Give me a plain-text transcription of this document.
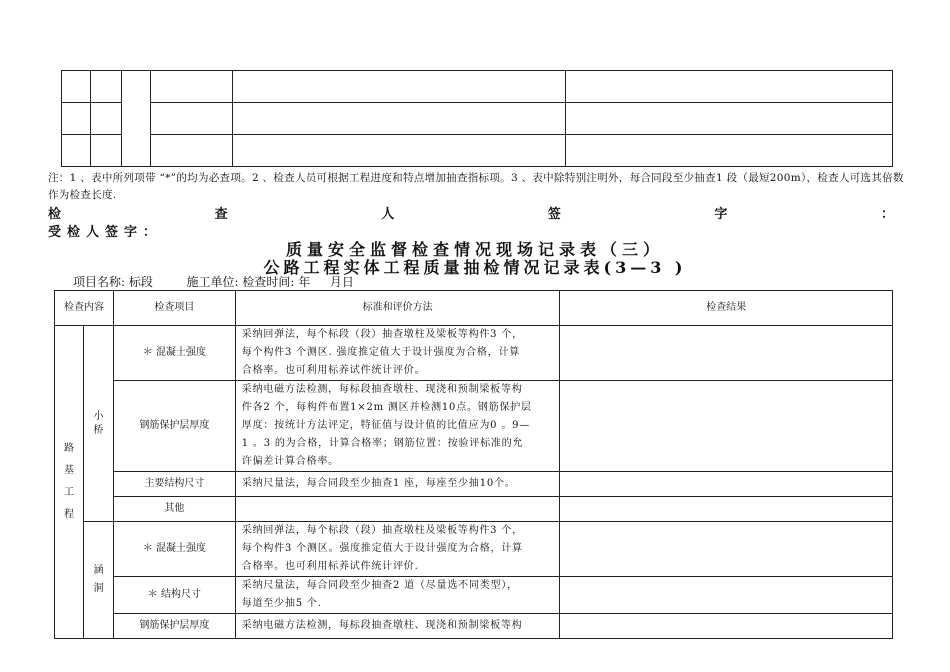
注：1 、表中所列项带 “*”的均为必查项。2 、检查人员可根据工程进度和特点增加抽查指标项。3 、表中除特别注明外，每合同段至少抽查1 段（最短200m），检查人可选其倍数作为检查长度.
检	查	人	签	字	：
受检人签字：
质量安全监督检查情况现场记录表（三）
公路工程实体工程质量抽检情况记录表(3—3 )
项目名称: 标段	施工单位: 检查时间: 年 月日
检查内容		检查项目	标准和评价方法	检查结果

路基工程	小桥	＊ 混凝土强度	采纳回弹法，每个标段（段）抽查墩柱及梁板等构件3 个，
每个构件3 个测区. 强度推定值大于设计强度为合格，计算
合格率。也可利用标养试件统计评价。	

		钢筋保护层厚度	采纳电磁方法检测，每标段抽查墩柱、现浇和预制梁板等构
件各2 个，每构件布置1×2m 测区并检测10点。钢筋保护层
厚度：按统计方法评定，特征值与设计值的比值应为0 。9—
1 。3 的为合格，计算合格率；钢筋位置：按验评标准的允
许偏差计算合格率。	

		主要结构尺寸	采纳尺量法，每合同段至少抽查1 座，每座至少抽10个。	

		其他		

	涵洞	＊ 混凝土强度	采纳回弹法，每个标段（段）抽查墩柱及梁板等构件3 个，
每个构件3 个测区。强度推定值大于设计强度为合格，计算
合格率。也可利用标养试件统计评价.	

		＊ 结构尺寸	采纳尺量法，每合同段至少抽查2 道（尽量选不同类型），
每道至少抽5 个.	

		钢筋保护层厚度	采纳电磁方法检测，每标段抽查墩柱、现浇和预制梁板等构	
